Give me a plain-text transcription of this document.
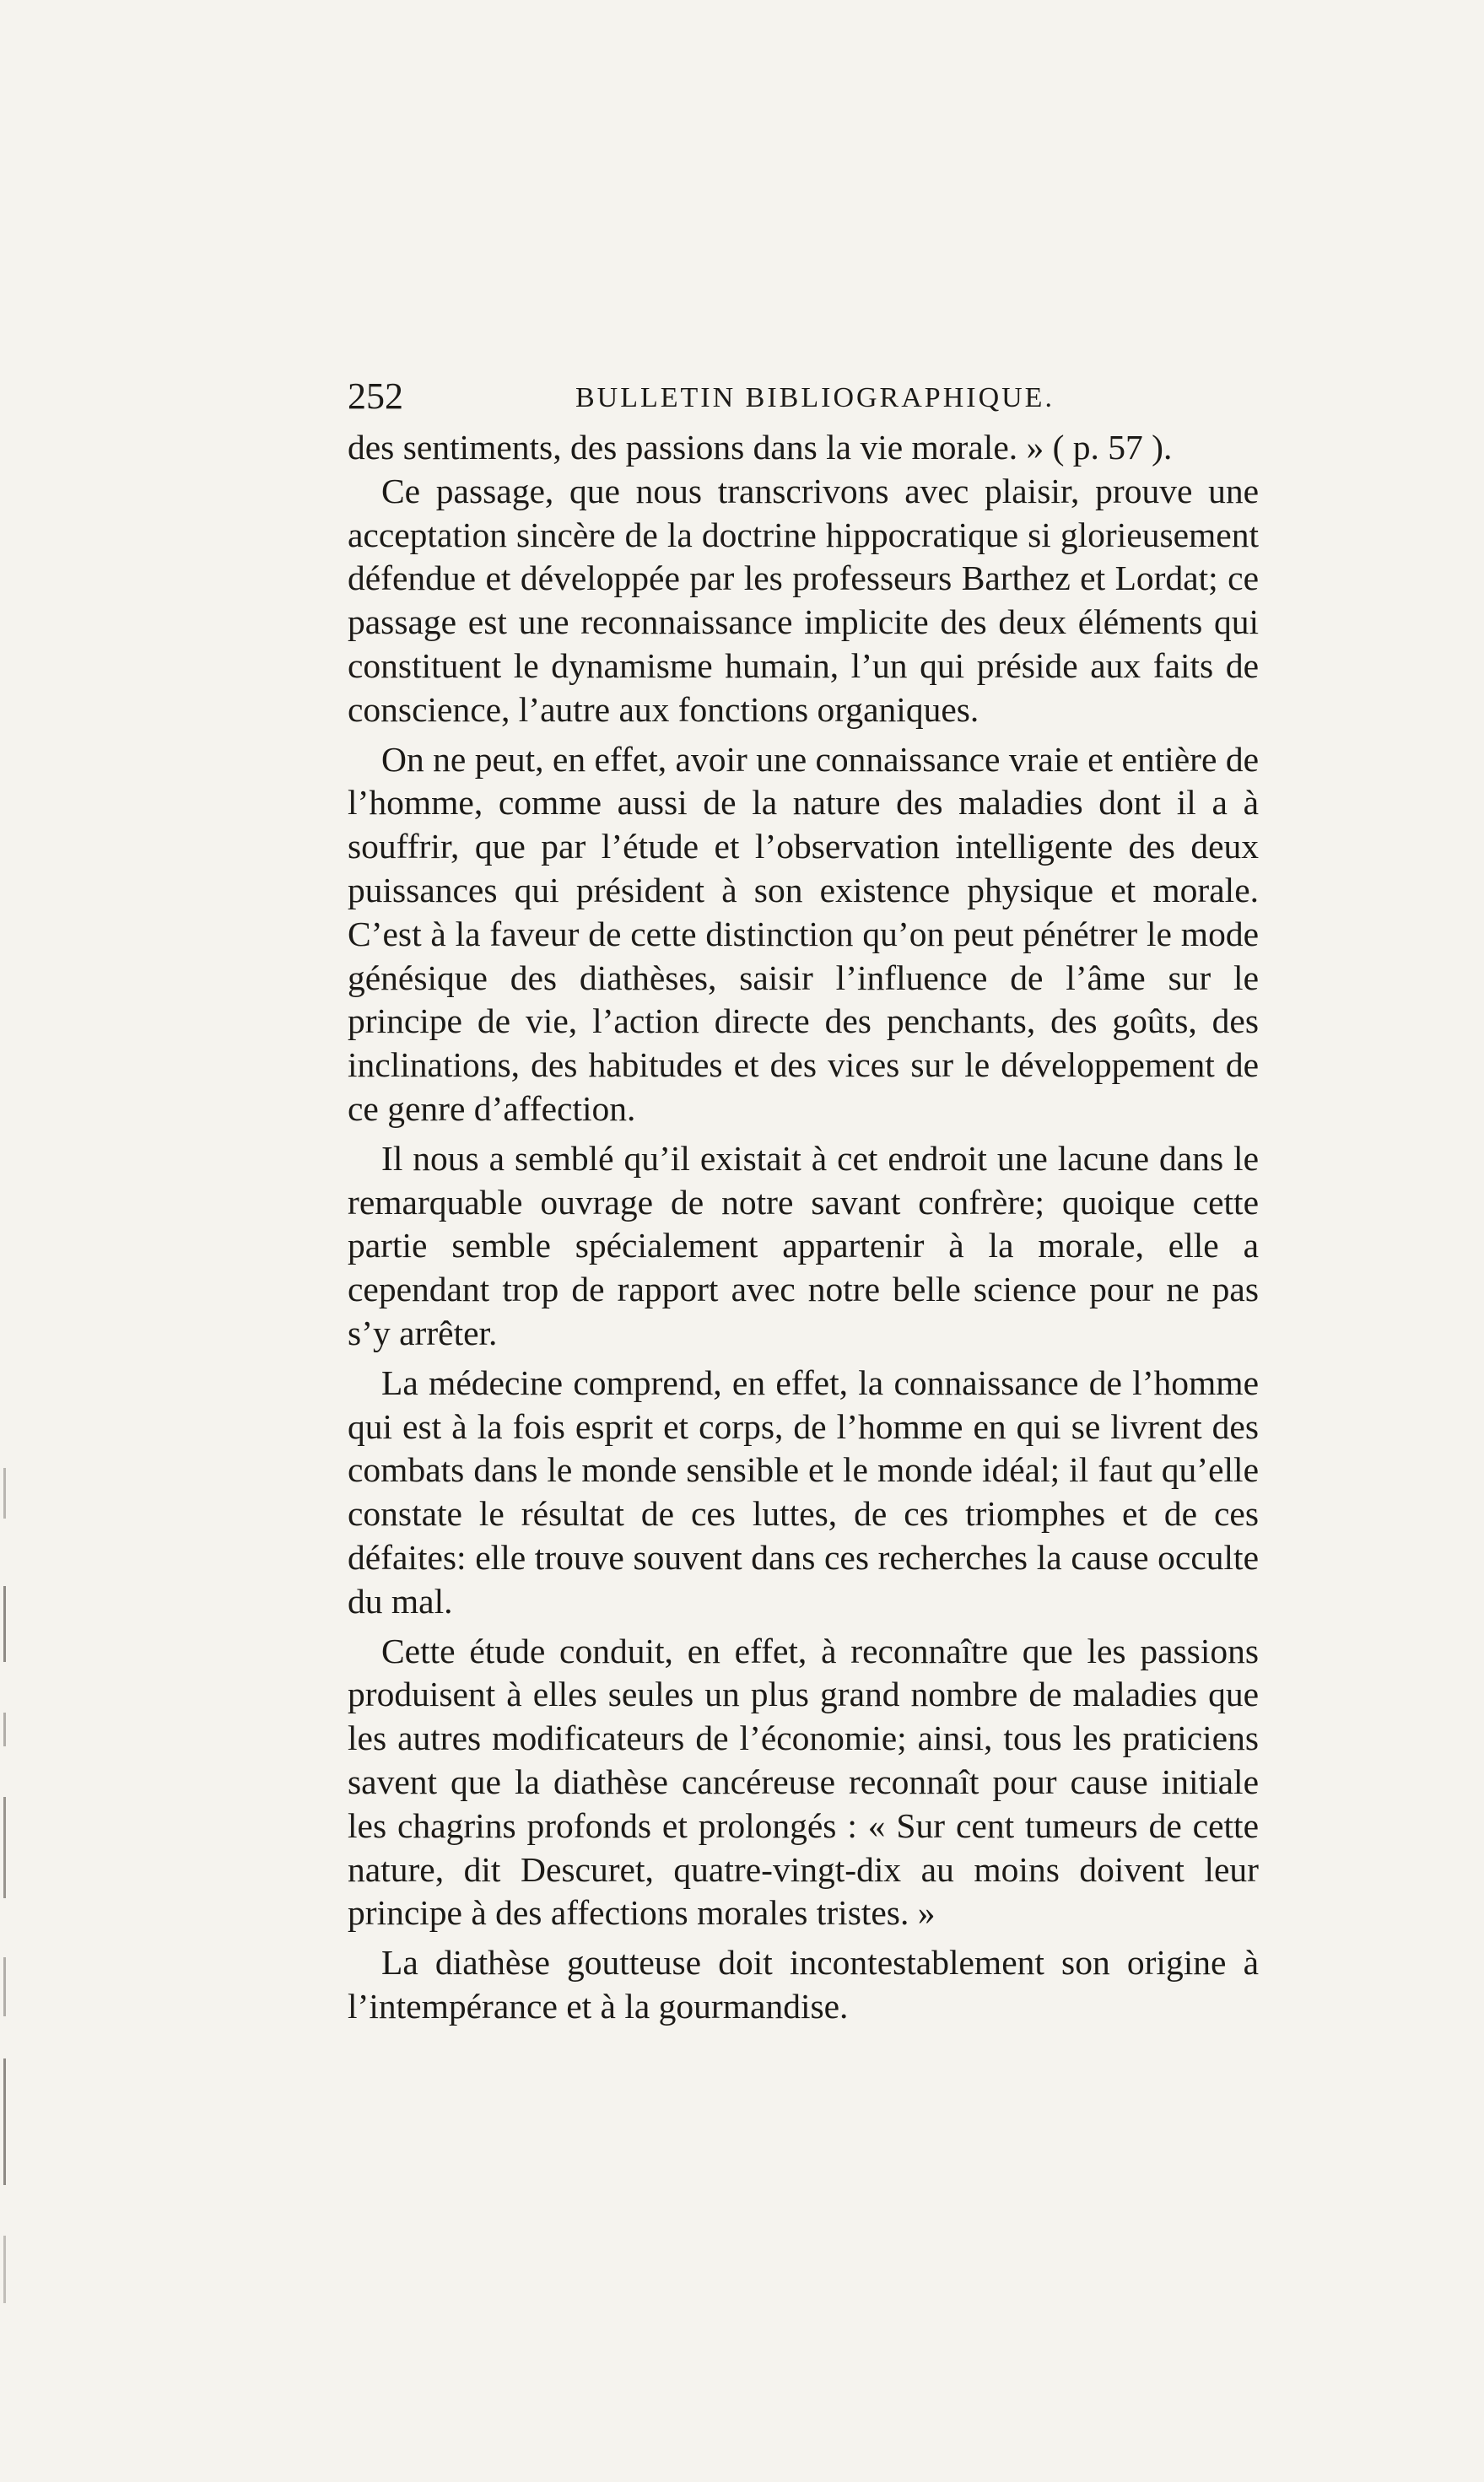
252	BULLETIN BIBLIOGRAPHIQUE.

des sentiments, des passions dans la vie morale. » ( p. 57 ).

Ce passage, que nous transcrivons avec plaisir, prouve une acceptation sincère de la doctrine hippocratique si glorieusement défendue et développée par les professeurs Barthez et Lordat; ce passage est une reconnaissance implicite des deux éléments qui constituent le dynamisme humain, l’un qui préside aux faits de conscience, l’autre aux fonctions organiques.

On ne peut, en effet, avoir une connaissance vraie et entière de l’homme, comme aussi de la nature des maladies dont il a à souffrir, que par l’étude et l’observation intelligente des deux puissances qui président à son existence physique et morale. C’est à la faveur de cette distinction qu’on peut pénétrer le mode génésique des diathèses, saisir l’influence de l’âme sur le principe de vie, l’action directe des penchants, des goûts, des inclinations, des habitudes et des vices sur le développement de ce genre d’affection.

Il nous a semblé qu’il existait à cet endroit une lacune dans le remarquable ouvrage de notre savant confrère; quoique cette partie semble spécialement appartenir à la morale, elle a cependant trop de rapport avec notre belle science pour ne pas s’y arrêter.

La médecine comprend, en effet, la connaissance de l’homme qui est à la fois esprit et corps, de l’homme en qui se livrent des combats dans le monde sensible et le monde idéal; il faut qu’elle constate le résultat de ces luttes, de ces triomphes et de ces défaites: elle trouve souvent dans ces recherches la cause occulte du mal.

Cette étude conduit, en effet, à reconnaître que les passions produisent à elles seules un plus grand nombre de maladies que les autres modificateurs de l’économie; ainsi, tous les praticiens savent que la diathèse cancéreuse reconnaît pour cause initiale les chagrins profonds et prolongés : « Sur cent tumeurs de cette nature, dit Descuret, quatre-vingt-dix au moins doivent leur principe à des affections morales tristes. »

La diathèse goutteuse doit incontestablement son origine à l’intempérance et à la gourmandise.
